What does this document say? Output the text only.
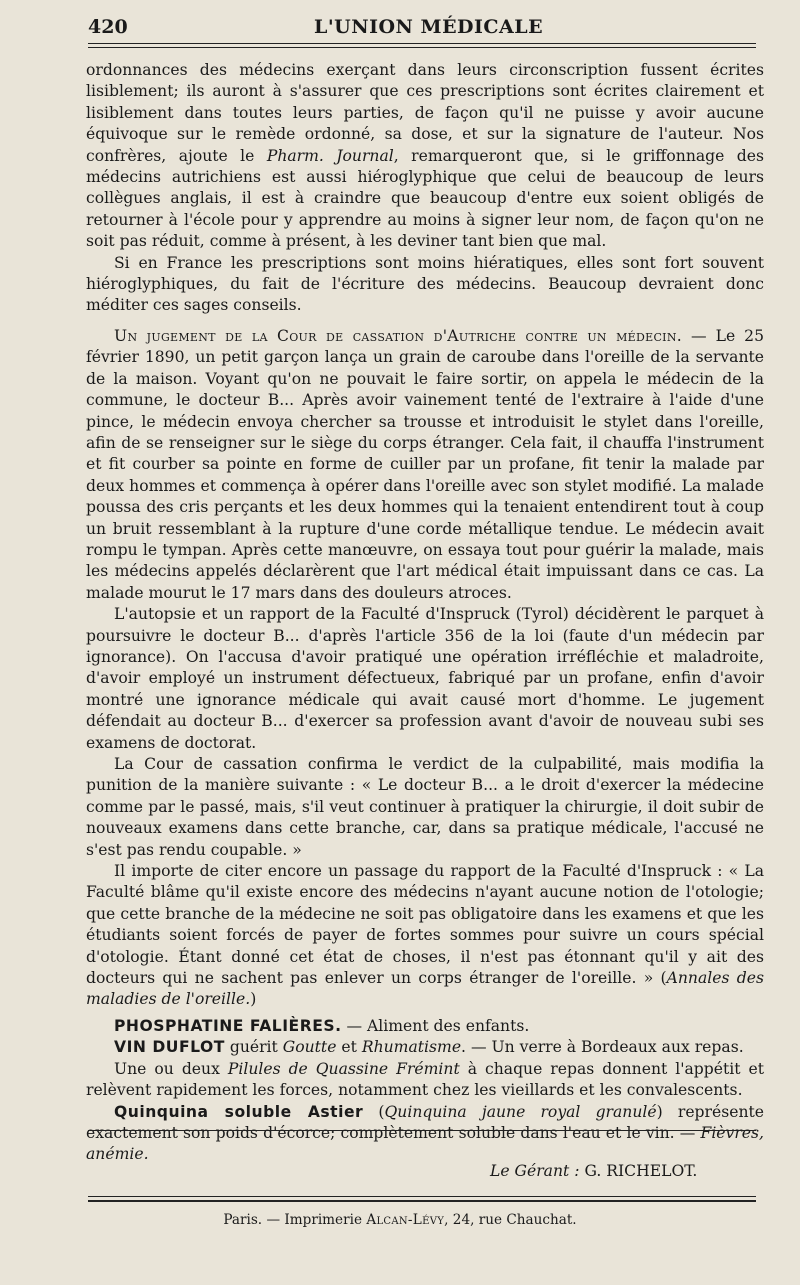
420	L'UNION MÉDICALE

ordonnances des médecins exerçant dans leurs circonscription fussent écrites lisiblement; ils auront à s'assurer que ces prescriptions sont écrites clairement et lisiblement dans toutes leurs parties, de façon qu'il ne puisse y avoir aucune équivoque sur le remède ordonné, sa dose, et sur la signature de l'auteur. Nos confrères, ajoute le Pharm. Journal, remarqueront que, si le griffonnage des médecins autrichiens est aussi hiéroglyphique que celui de beaucoup de leurs collègues anglais, il est à craindre que beaucoup d'entre eux soient obligés de retourner à l'école pour y apprendre au moins à signer leur nom, de façon qu'on ne soit pas réduit, comme à présent, à les deviner tant bien que mal.

Si en France les prescriptions sont moins hiératiques, elles sont fort souvent hiéroglyphiques, du fait de l'écriture des médecins. Beaucoup devraient donc méditer ces sages conseils.

Un jugement de la Cour de cassation d'Autriche contre un médecin. — Le 25 février 1890, un petit garçon lança un grain de caroube dans l'oreille de la servante de la maison. Voyant qu'on ne pouvait le faire sortir, on appela le médecin de la commune, le docteur B... Après avoir vainement tenté de l'extraire à l'aide d'une pince, le médecin envoya chercher sa trousse et introduisit le stylet dans l'oreille, afin de se renseigner sur le siège du corps étranger. Cela fait, il chauffa l'instrument et fit courber sa pointe en forme de cuiller par un profane, fit tenir la malade par deux hommes et commença à opérer dans l'oreille avec son stylet modifié. La malade poussa des cris perçants et les deux hommes qui la tenaient entendirent tout à coup un bruit ressemblant à la rupture d'une corde métallique tendue. Le médecin avait rompu le tympan. Après cette manœuvre, on essaya tout pour guérir la malade, mais les médecins appelés déclarèrent que l'art médical était impuissant dans ce cas. La malade mourut le 17 mars dans des douleurs atroces.

L'autopsie et un rapport de la Faculté d'Inspruck (Tyrol) décidèrent le parquet à poursuivre le docteur B... d'après l'article 356 de la loi (faute d'un médecin par ignorance). On l'accusa d'avoir pratiqué une opération irréfléchie et maladroite, d'avoir employé un instrument défectueux, fabriqué par un profane, enfin d'avoir montré une ignorance médicale qui avait causé mort d'homme. Le jugement défendait au docteur B... d'exercer sa profession avant d'avoir de nouveau subi ses examens de doctorat.

La Cour de cassation confirma le verdict de la culpabilité, mais modifia la punition de la manière suivante : « Le docteur B... a le droit d'exercer la médecine comme par le passé, mais, s'il veut continuer à pratiquer la chirurgie, il doit subir de nouveaux examens dans cette branche, car, dans sa pratique médicale, l'accusé ne s'est pas rendu coupable. »

Il importe de citer encore un passage du rapport de la Faculté d'Inspruck : « La Faculté blâme qu'il existe encore des médecins n'ayant aucune notion de l'otologie; que cette branche de la médecine ne soit pas obligatoire dans les examens et que les étudiants soient forcés de payer de fortes sommes pour suivre un cours spécial d'otologie. Étant donné cet état de choses, il n'est pas étonnant qu'il y ait des docteurs qui ne sachent pas enlever un corps étranger de l'oreille. » (Annales des maladies de l'oreille.)

PHOSPHATINE FALIÈRES. — Aliment des enfants.

VIN DUFLOT guérit Goutte et Rhumatisme. — Un verre à Bordeaux aux repas.

Une ou deux Pilules de Quassine Frémint à chaque repas donnent l'appétit et relèvent rapidement les forces, notamment chez les vieillards et les convalescents.

Quinquina soluble Astier (Quinquina jaune royal granulé) représente exactement son poids d'écorce; complètement soluble dans l'eau et le vin. — Fièvres, anémie.

Le Gérant : G. RICHELOT.
Paris. — Imprimerie Alcan-Lévy, 24, rue Chauchat.
